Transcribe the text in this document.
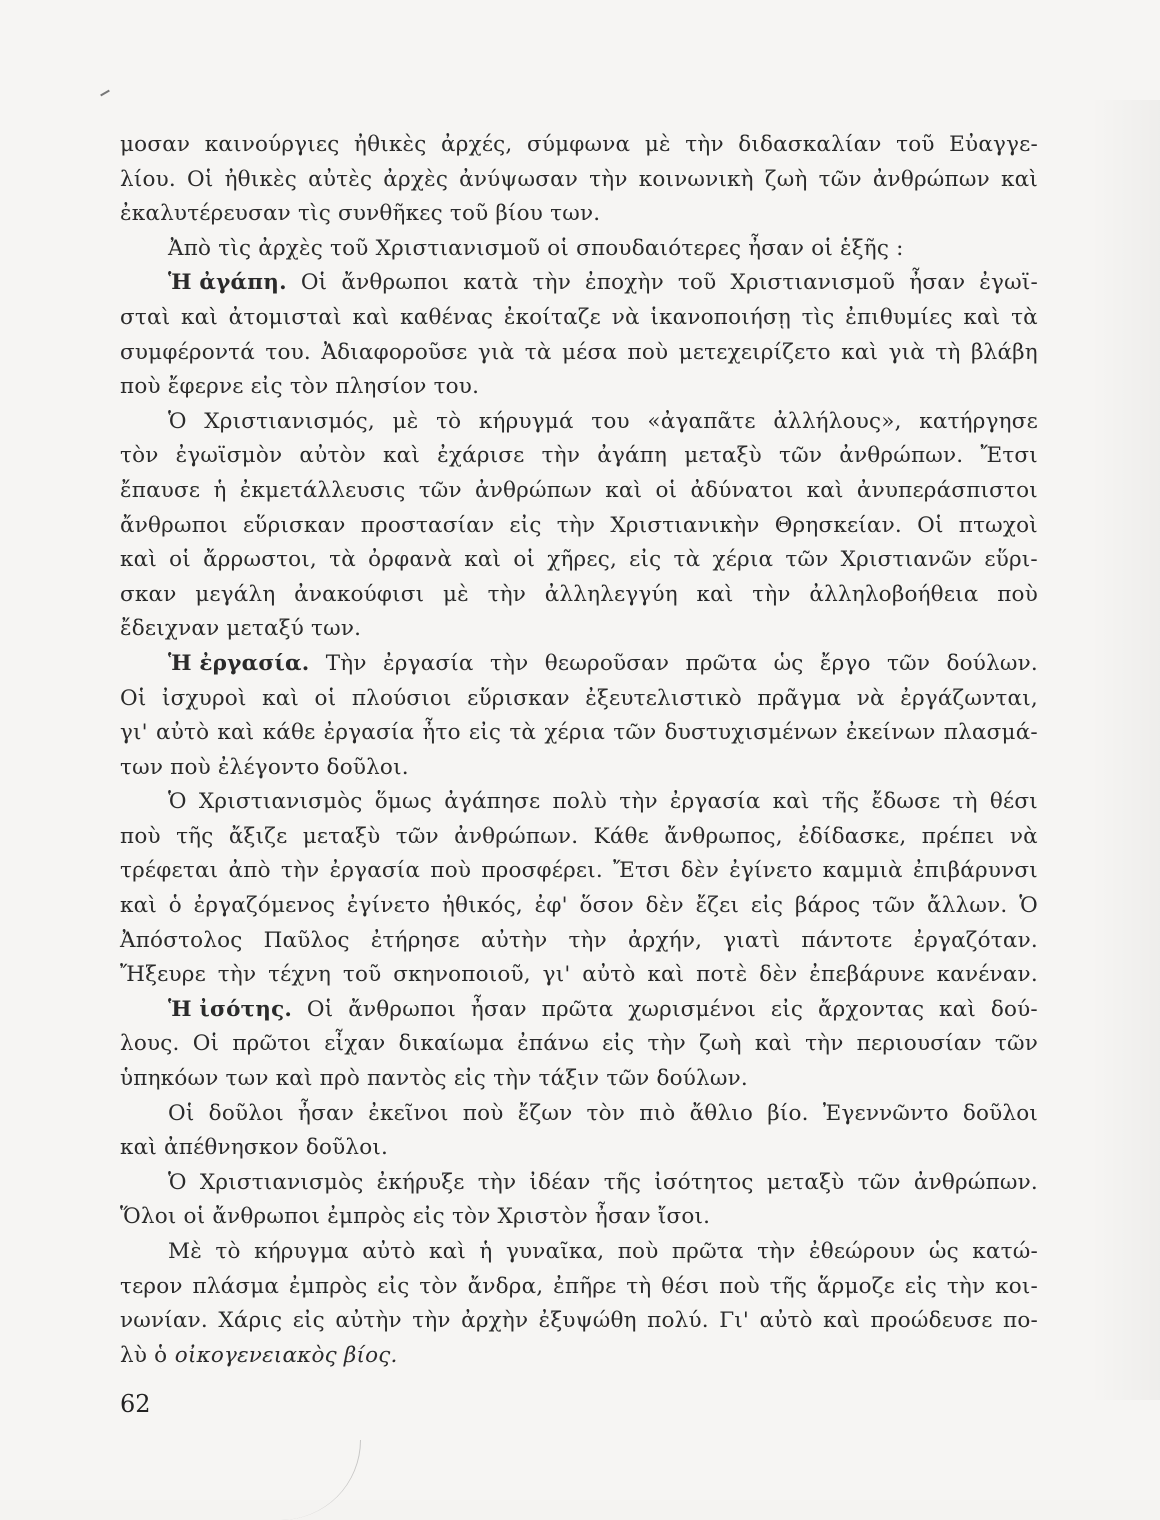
μοσαν καινούργιες ἠθικὲς ἀρχές, σύμφωνα μὲ τὴν διδασκαλίαν τοῦ Εὐαγγε-
λίου. Οἱ ἠθικὲς αὐτὲς ἀρχὲς ἀνύψωσαν τὴν κοινωνικὴ ζωὴ τῶν ἀνθρώπων καὶ
ἐκαλυτέρευσαν τὶς συνθῆκες τοῦ βίου των.
Ἀπὸ τὶς ἀρχὲς τοῦ Χριστιανισμοῦ οἱ σπουδαιότερες ἦσαν οἱ ἑξῆς :
Ἡ ἀγάπη. Οἱ ἄνθρωποι κατὰ τὴν ἐποχὴν τοῦ Χριστιανισμοῦ ἦσαν ἐγωϊ-
σταὶ καὶ ἀτομισταὶ καὶ καθένας ἐκοίταζε νὰ ἱκανοποιήσῃ τὶς ἐπιθυμίες καὶ τὰ
συμφέροντά του. Ἀδιαφοροῦσε γιὰ τὰ μέσα ποὺ μετεχειρίζετο καὶ γιὰ τὴ βλάβη
ποὺ ἔφερνε εἰς τὸν πλησίον του.
Ὁ Χριστιανισμός, μὲ τὸ κήρυγμά του «ἀγαπᾶτε ἀλλήλους», κατήργησε
τὸν ἐγωϊσμὸν αὐτὸν καὶ ἐχάρισε τὴν ἀγάπη μεταξὺ τῶν ἀνθρώπων. Ἔτσι
ἔπαυσε ἡ ἐκμετάλλευσις τῶν ἀνθρώπων καὶ οἱ ἀδύνατοι καὶ ἀνυπεράσπιστοι
ἄνθρωποι εὕρισκαν προστασίαν εἰς τὴν Χριστιανικὴν Θρησκείαν. Οἱ πτωχοὶ
καὶ οἱ ἄρρωστοι, τὰ ὀρφανὰ καὶ οἱ χῆρες, εἰς τὰ χέρια τῶν Χριστιανῶν εὕρι-
σκαν μεγάλη ἀνακούφισι μὲ τὴν ἀλληλεγγύη καὶ τὴν ἀλληλοβοήθεια ποὺ
ἔδειχναν μεταξύ των.
Ἡ ἐργασία. Τὴν ἐργασία τὴν θεωροῦσαν πρῶτα ὡς ἔργο τῶν δούλων.
Οἱ ἰσχυροὶ καὶ οἱ πλούσιοι εὕρισκαν ἐξευτελιστικὸ πρᾶγμα νὰ ἐργάζωνται,
γι' αὐτὸ καὶ κάθε ἐργασία ἦτο εἰς τὰ χέρια τῶν δυστυχισμένων ἐκείνων πλασμά-
των ποὺ ἐλέγοντο δοῦλοι.
Ὁ Χριστιανισμὸς ὅμως ἀγάπησε πολὺ τὴν ἐργασία καὶ τῆς ἔδωσε τὴ θέσι
ποὺ τῆς ἄξιζε μεταξὺ τῶν ἀνθρώπων. Κάθε ἄνθρωπος, ἐδίδασκε, πρέπει νὰ
τρέφεται ἀπὸ τὴν ἐργασία ποὺ προσφέρει. Ἔτσι δὲν ἐγίνετο καμμιὰ ἐπιβάρυνσι
καὶ ὁ ἐργαζόμενος ἐγίνετο ἠθικός, ἐφ' ὅσον δὲν ἔζει εἰς βάρος τῶν ἄλλων. Ὁ
Ἀπόστολος Παῦλος ἐτήρησε αὐτὴν τὴν ἀρχήν, γιατὶ πάντοτε ἐργαζόταν.
Ἤξευρε τὴν τέχνη τοῦ σκηνοποιοῦ, γι' αὐτὸ καὶ ποτὲ δὲν ἐπεβάρυνε κανέναν.
Ἡ ἰσότης. Οἱ ἄνθρωποι ἦσαν πρῶτα χωρισμένοι εἰς ἄρχοντας καὶ δού-
λους. Οἱ πρῶτοι εἶχαν δικαίωμα ἐπάνω εἰς τὴν ζωὴ καὶ τὴν περιουσίαν τῶν
ὑπηκόων των καὶ πρὸ παντὸς εἰς τὴν τάξιν τῶν δούλων.
Οἱ δοῦλοι ἦσαν ἐκεῖνοι ποὺ ἔζων τὸν πιὸ ἄθλιο βίο. Ἐγεννῶντο δοῦλοι
καὶ ἀπέθνησκον δοῦλοι.
Ὁ Χριστιανισμὸς ἐκήρυξε τὴν ἰδέαν τῆς ἰσότητος μεταξὺ τῶν ἀνθρώπων.
Ὅλοι οἱ ἄνθρωποι ἐμπρὸς εἰς τὸν Χριστὸν ἦσαν ἴσοι.
Μὲ τὸ κήρυγμα αὐτὸ καὶ ἡ γυναῖκα, ποὺ πρῶτα τὴν ἐθεώρουν ὡς κατώ-
τερον πλάσμα ἐμπρὸς εἰς τὸν ἄνδρα, ἐπῆρε τὴ θέσι ποὺ τῆς ἅρμοζε εἰς τὴν κοι-
νωνίαν. Χάρις εἰς αὐτὴν τὴν ἀρχὴν ἐξυψώθη πολύ. Γι' αὐτὸ καὶ προώδευσε πο-
λὺ ὁ οἰκογενειακὸς βίος.
62
